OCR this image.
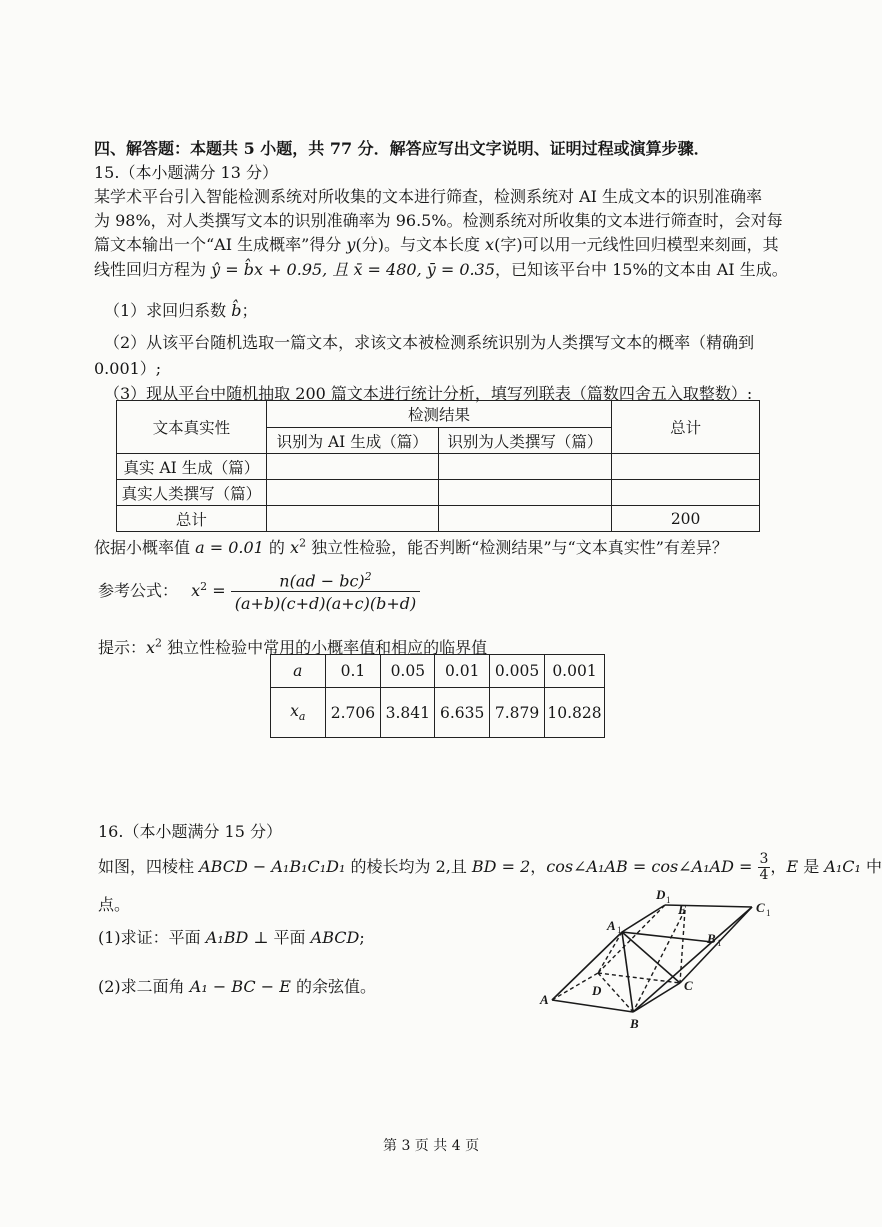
四、解答题：本题共 5 小题，共 77 分．解答应写出文字说明、证明过程或演算步骤．
15.（本小题满分 13 分）
某学术平台引入智能检测系统对所收集的文本进行筛查，检测系统对 AI 生成文本的识别准确率
为 98%，对人类撰写文本的识别准确率为 96.5%。检测系统对所收集的文本进行筛查时，会对每
篇文本输出一个“AI 生成概率”得分 y(分)。与文本长度 x(字)可以用一元线性回归模型来刻画，其
线性回归方程为 ŷ = b̂x + 0.95, 且 x̄ = 480, ȳ = 0.35，已知该平台中 15%的文本由 AI 生成。
（1）求回归系数 b̂；
（2）从该平台随机选取一篇文本，求该文本被检测系统识别为人类撰写文本的概率（精确到
0.001）;
（3）现从平台中随机抽取 200 篇文本进行统计分析，填写列联表（篇数四舍五入取整数）:
文本真实性	检测结果		总计
	识别为 AI 生成（篇）	识别为人类撰写（篇）	
真实 AI 生成（篇）			
真实人类撰写（篇）			
总计			200
依据小概率值 a = 0.01 的 $x^2$ 独立性检验，能否判断“检测结果”与“文本真实性”有差异？
参考公式： $x^2 = \frac{n(ad - bc)^2}{(a+b)(c+d)(a+c)(b+d)}$
提示：$x^2$ 独立性检验中常用的小概率值和相应的临界值
a	0.1	0.05	0.01	0.005	0.001
$x_a$	2.706	3.841	6.635	7.879	10.828
16.（本小题满分 15 分）
如图，四棱柱 ABCD − A₁B₁C₁D₁ 的棱长均为 2,且 BD = 2，cos∠A₁AB = cos∠A₁AD = $\frac{3}{4}$ ，E 是 A₁C₁ 中
点。
(1)求证：平面 A₁BD ⊥ 平面 ABCD;
(2)求二面角 A₁ − BC − E 的余弦值。
A
B
C
D
A
B
C
D
E
1
1
1
1
第 3 页 共 4 页
